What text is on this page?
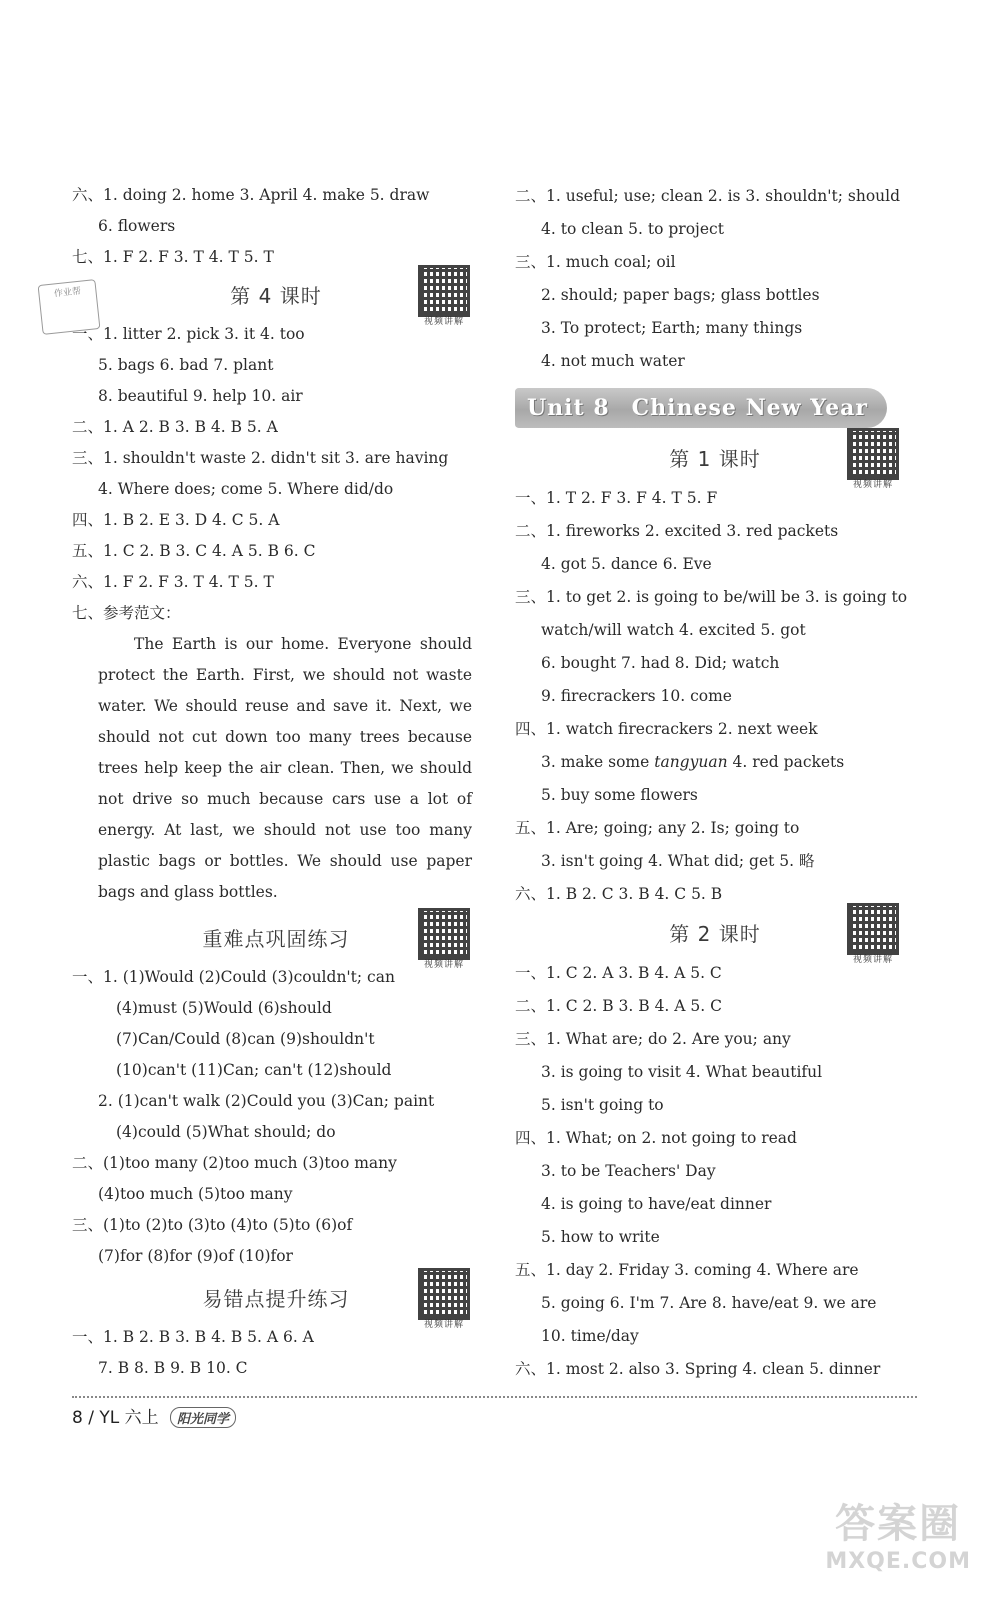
六、1. doing 2. home 3. April 4. make 5. draw
6. flowers
七、1. F 2. F 3. T 4. T 5. T
第 4 课时
视频讲解
一、1. litter 2. pick 3. it 4. too
5. bags 6. bad 7. plant
8. beautiful 9. help 10. air
二、1. A 2. B 3. B 4. B 5. A
三、1. shouldn't waste 2. didn't sit 3. are having
4. Where does; come 5. Where did/do
四、1. B 2. E 3. D 4. C 5. A
五、1. C 2. B 3. C 4. A 5. B 6. C
六、1. F 2. F 3. T 4. T 5. T
七、参考范文：

The Earth is our home. Everyone should protect the Earth. First, we should not waste water. We should reuse and save it. Next, we should not cut down too many trees because trees help keep the air clean. Then, we should not drive so much because cars use a lot of energy. At last, we should not use too many plastic bags or bottles. We should use paper bags and glass bottles.

重难点巩固练习
视频讲解
一、1. (1)Would (2)Could (3)couldn't; can
(4)must (5)Would (6)should
(7)Can/Could (8)can (9)shouldn't
(10)can't (11)Can; can't (12)should
2. (1)can't walk (2)Could you (3)Can; paint
(4)could (5)What should; do
二、(1)too many (2)too much (3)too many
(4)too much (5)too many
三、(1)to (2)to (3)to (4)to (5)to (6)of
(7)for (8)for (9)of (10)for
易错点提升练习
视频讲解
一、1. B 2. B 3. B 4. B 5. A 6. A
7. B 8. B 9. B 10. C
作业帮
二、1. useful; use; clean 2. is 3. shouldn't; should
4. to clean 5. to project
三、1. much coal; oil
2. should; paper bags; glass bottles
3. To protect; Earth; many things
4. not much water
Unit 8 Chinese New Year
第 1 课时
视频讲解
一、1. T 2. F 3. F 4. T 5. F
二、1. fireworks 2. excited 3. red packets
4. got 5. dance 6. Eve
三、1. to get 2. is going to be/will be 3. is going to
watch/will watch 4. excited 5. got
6. bought 7. had 8. Did; watch
9. firecrackers 10. come
四、1. watch firecrackers 2. next week
3. make some tangyuan 4. red packets
5. buy some flowers
五、1. Are; going; any 2. Is; going to
3. isn't going 4. What did; get 5. 略
六、1. B 2. C 3. B 4. C 5. B
第 2 课时
视频讲解
一、1. C 2. A 3. B 4. A 5. C
二、1. C 2. B 3. B 4. A 5. C
三、1. What are; do 2. Are you; any
3. is going to visit 4. What beautiful
5. isn't going to
四、1. What; on 2. not going to read
3. to be Teachers' Day
4. is going to have/eat dinner
5. how to write
五、1. day 2. Friday 3. coming 4. Where are
5. going 6. I'm 7. Are 8. have/eat 9. we are
10. time/day
六、1. most 2. also 3. Spring 4. clean 5. dinner
8 / YL 六上 阳光同学
答案圈
MXQE.COM
